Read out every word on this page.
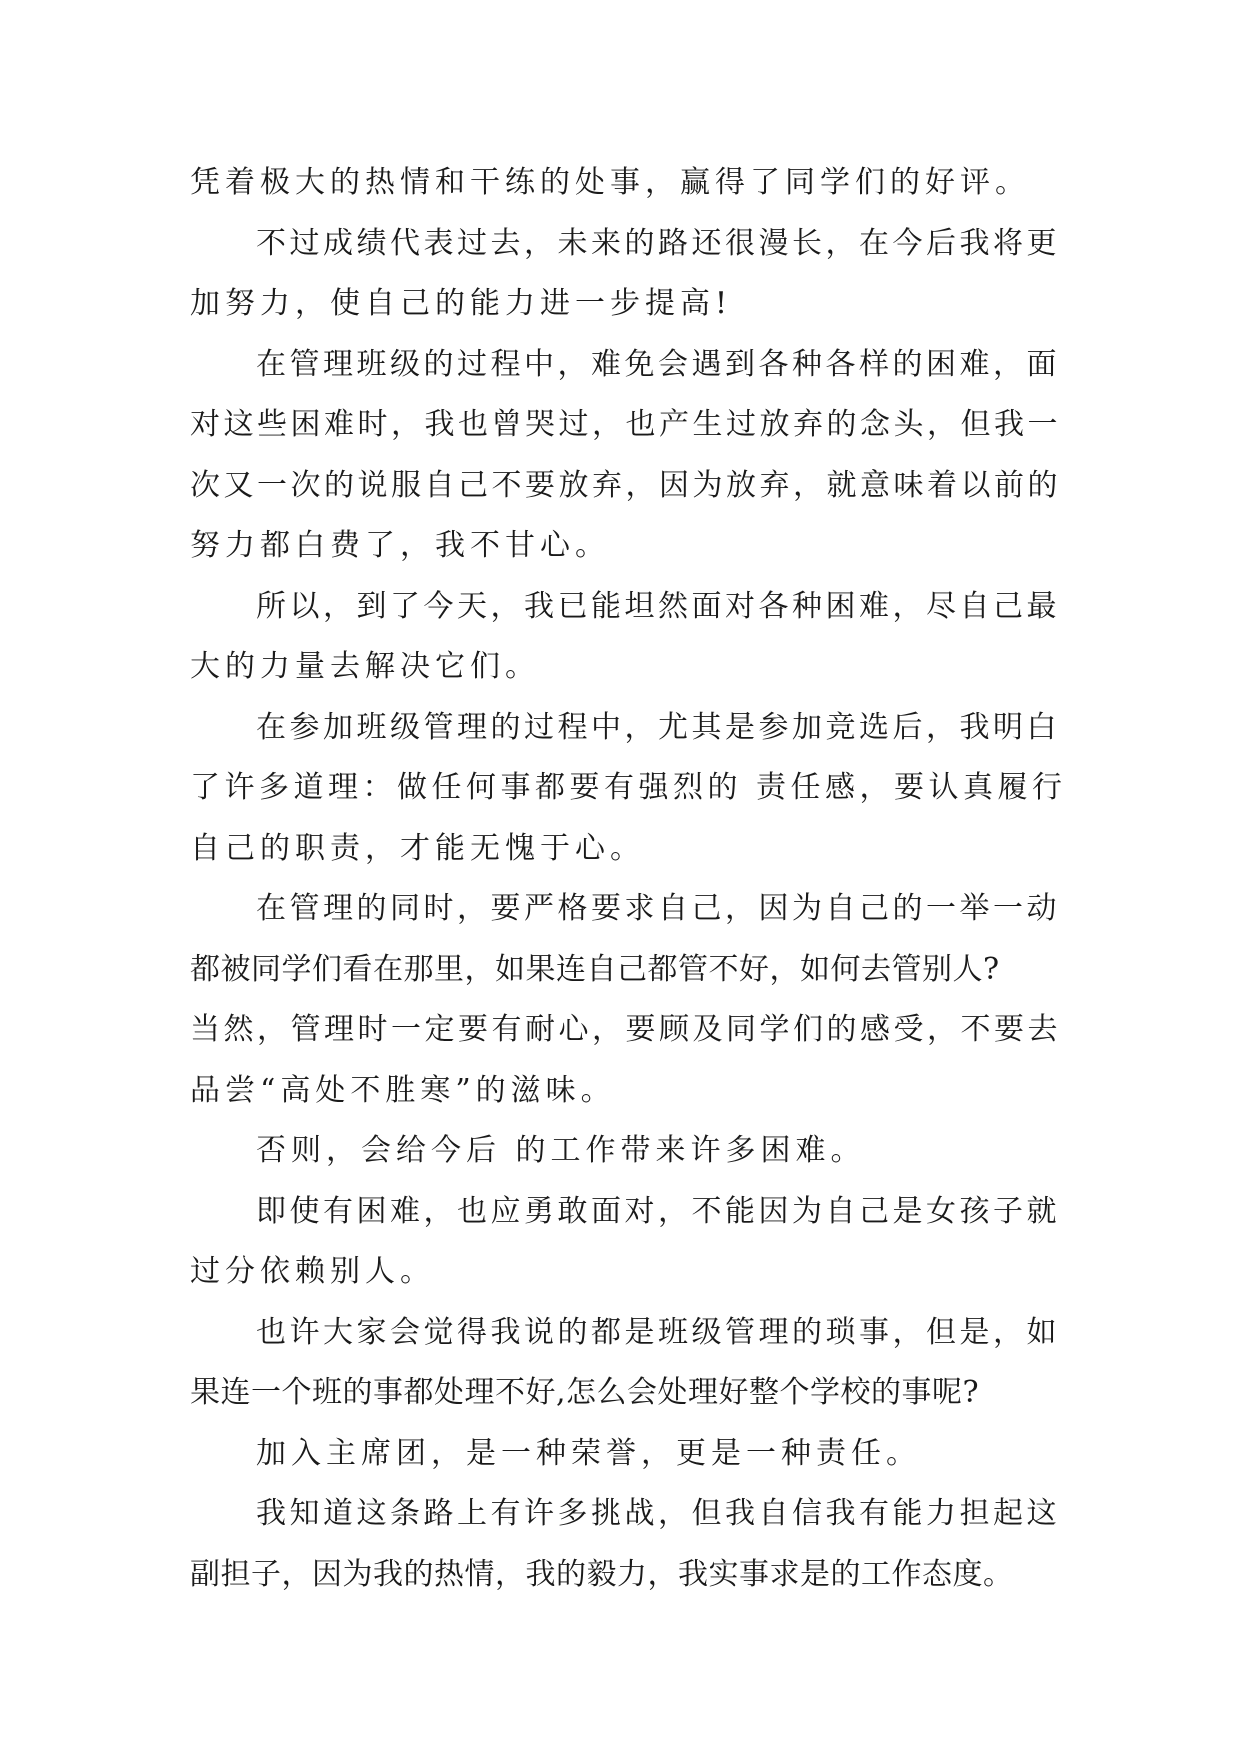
凭着极大的热情和干练的处事，赢得了同学们的好评。
不过成绩代表过去，未来的路还很漫长，在今后我将更
加努力，使自己的能力进一步提高!
在管理班级的过程中，难免会遇到各种各样的困难，面
对这些困难时，我也曾哭过，也产生过放弃的念头，但我一
次又一次的说服自己不要放弃，因为放弃，就意味着以前的
努力都白费了，我不甘心。
所以，到了今天，我已能坦然面对各种困难，尽自己最
大的力量去解决它们。
在参加班级管理的过程中，尤其是参加竞选后，我明白
了许多道理：做任何事都要有强烈的 责任感，要认真履行
自己的职责，才能无愧于心。
在管理的同时，要严格要求自己，因为自己的一举一动
都被同学们看在那里，如果连自己都管不好，如何去管别人?
当然，管理时一定要有耐心，要顾及同学们的感受，不要去
品尝“高处不胜寒”的滋味。
否则，会给今后 的工作带来许多困难。
即使有困难，也应勇敢面对，不能因为自己是女孩子就
过分依赖别人。
也许大家会觉得我说的都是班级管理的琐事，但是，如
果连一个班的事都处理不好,怎么会处理好整个学校的事呢?
加入主席团，是一种荣誉，更是一种责任。
我知道这条路上有许多挑战，但我自信我有能力担起这
副担子，因为我的热情，我的毅力，我实事求是的工作态度。
